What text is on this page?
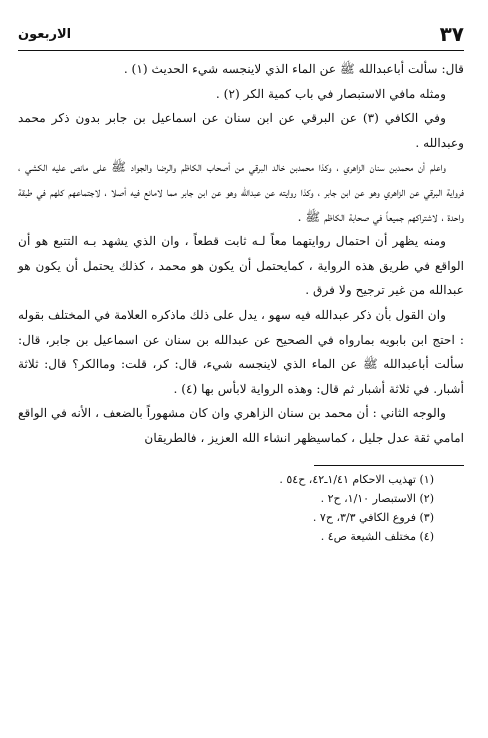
٣٧
الاربعون

قال: سألت أباعبدالله ﷺ عن الماء الذي لاينجسه شيء الحديث (١) .

ومثله مافي الاستبصار في باب كمية الكر (٢) .

وفي الكافي (٣) عن البرقي عن ابن سنان عن اسماعيل بن جابر بدون ذكر محمد وعبدالله .

واعلم أن محمدبن سنان الزاهري ، وكذا محمدبن خالد البرقي من أصحاب الكاظم والرضا والجواد ﷺ على مانص عليه الكشي ، فرواية البرقي عن الزاهري وهو عن ابن جابر ، وكذا روايته عن عبدالله وهو عن ابن جابر مما لامانع فيه أصلا ، لاجتماعهم كلهم في طبقة واحدة ، لاشتراكهم جميعاً في صحابة الكاظم ﷺ .

ومنه يظهر أن احتمال روايتهما معاً لـه ثابت قطعاً ، وان الذي يشهد بـه التتبع هو أن الواقع في طريق هذه الرواية ، كمايحتمل أن يكون هو محمد ، كذلك يحتمل أن يكون هو عبدالله من غير ترجيح ولا فرق .

وان القول بأن ذكر عبدالله فيه سهو ، يدل على ذلك ماذكره العلامة في المختلف بقوله : احتج ابن بابويه بمارواه في الصحيح عن عبدالله بن سنان عن اسماعيل بن جابر، قال: سألت أباعبدالله ﷺ عن الماء الذي لاينجسه شيء، قال: كر، قلت: وماالكر؟ قال: ثلاثة أشبار. في ثلاثة أشبار ثم قال: وهذه الرواية لابأس بها (٤) .

والوجه الثاني : أن محمد بن سنان الزاهري وان كان مشهوراً بالضعف ، الأنه في الواقع امامي ثقة عدل جليل ، كماسيظهر انشاء الله العزيز ، فالطريقان

(١) تهذيب الاحكام ١/٤١ـ٤٢، ح٥٤ .
(٢) الاستبصار ١/١٠، ح٢ .
(٣) فروع الكافي ٣/٣، ح٧ .
(٤) مختلف الشيعة ص٤ .
